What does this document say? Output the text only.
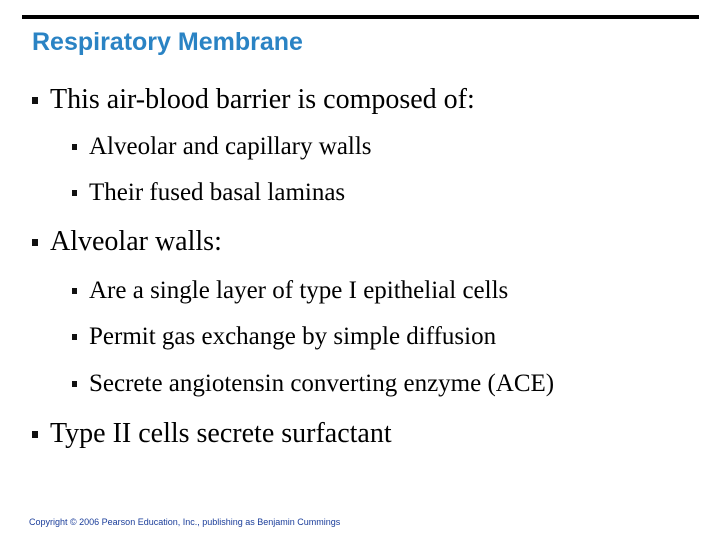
Respiratory Membrane
This air-blood barrier is composed of:
Alveolar and capillary walls
Their fused basal laminas
Alveolar walls:
Are a single layer of type I epithelial cells
Permit gas exchange by simple diffusion
Secrete angiotensin converting enzyme (ACE)
Type II cells secrete surfactant
Copyright © 2006 Pearson Education, Inc., publishing as Benjamin Cummings
